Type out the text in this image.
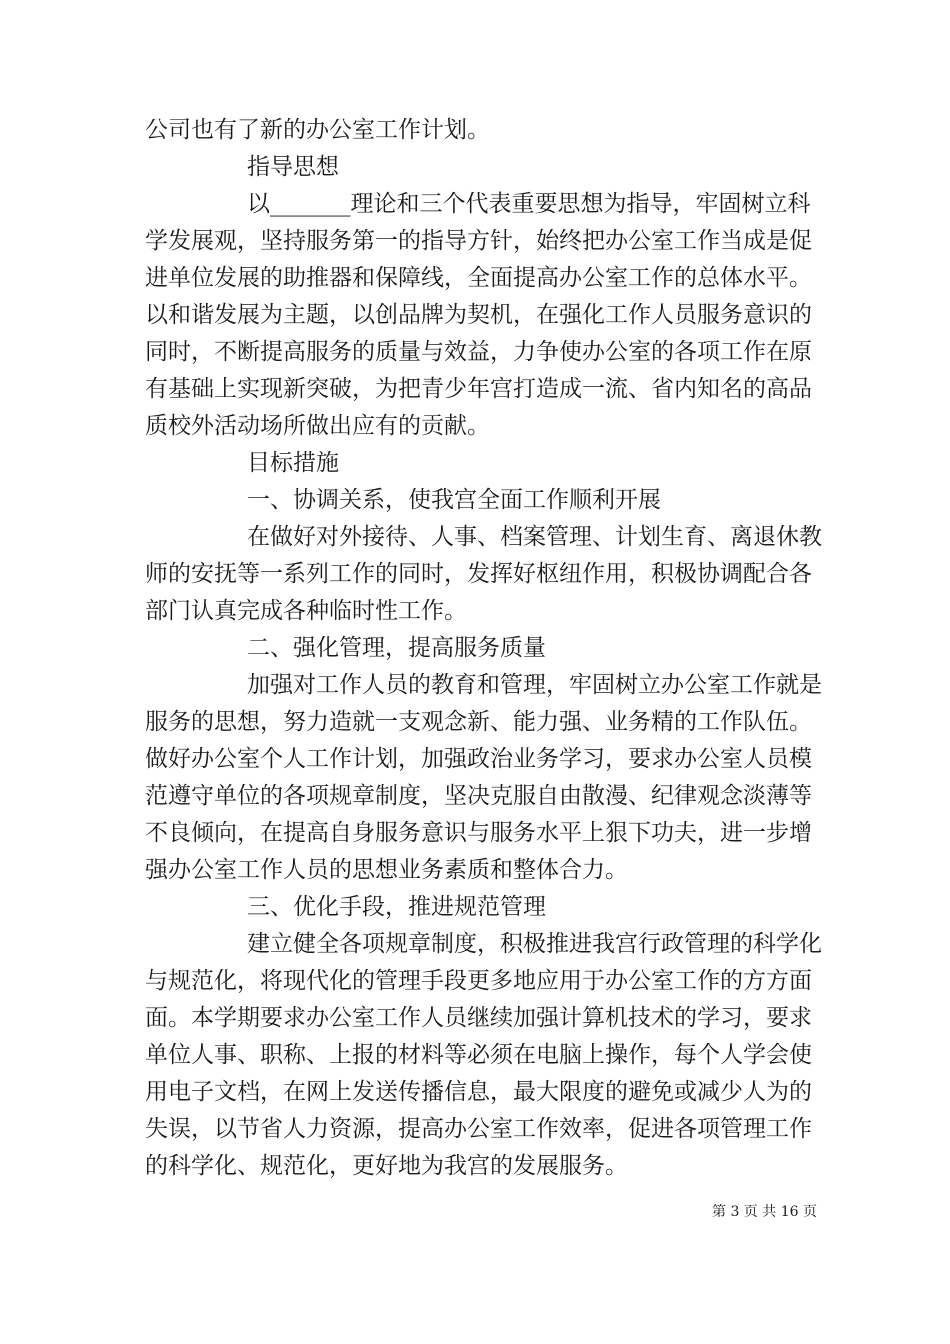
公司也有了新的办公室工作计划。
指导思想
以_______理论和三个代表重要思想为指导，牢固树立科
学发展观，坚持服务第一的指导方针，始终把办公室工作当成是促
进单位发展的助推器和保障线，全面提高办公室工作的总体水平。
以和谐发展为主题，以创品牌为契机，在强化工作人员服务意识的
同时，不断提高服务的质量与效益，力争使办公室的各项工作在原
有基础上实现新突破，为把青少年宫打造成一流、省内知名的高品
质校外活动场所做出应有的贡献。
目标措施
一、协调关系，使我宫全面工作顺利开展
在做好对外接待、人事、档案管理、计划生育、离退休教
师的安抚等一系列工作的同时，发挥好枢纽作用，积极协调配合各
部门认真完成各种临时性工作。
二、强化管理，提高服务质量
加强对工作人员的教育和管理，牢固树立办公室工作就是
服务的思想，努力造就一支观念新、能力强、业务精的工作队伍。
做好办公室个人工作计划，加强政治业务学习，要求办公室人员模
范遵守单位的各项规章制度，坚决克服自由散漫、纪律观念淡薄等
不良倾向，在提高自身服务意识与服务水平上狠下功夫，进一步增
强办公室工作人员的思想业务素质和整体合力。
三、优化手段，推进规范管理
建立健全各项规章制度，积极推进我宫行政管理的科学化
与规范化，将现代化的管理手段更多地应用于办公室工作的方方面
面。本学期要求办公室工作人员继续加强计算机技术的学习，要求
单位人事、职称、上报的材料等必须在电脑上操作，每个人学会使
用电子文档，在网上发送传播信息，最大限度的避免或减少人为的
失误，以节省人力资源，提高办公室工作效率，促进各项管理工作
的科学化、规范化，更好地为我宫的发展服务。
第 3 页 共 16 页
